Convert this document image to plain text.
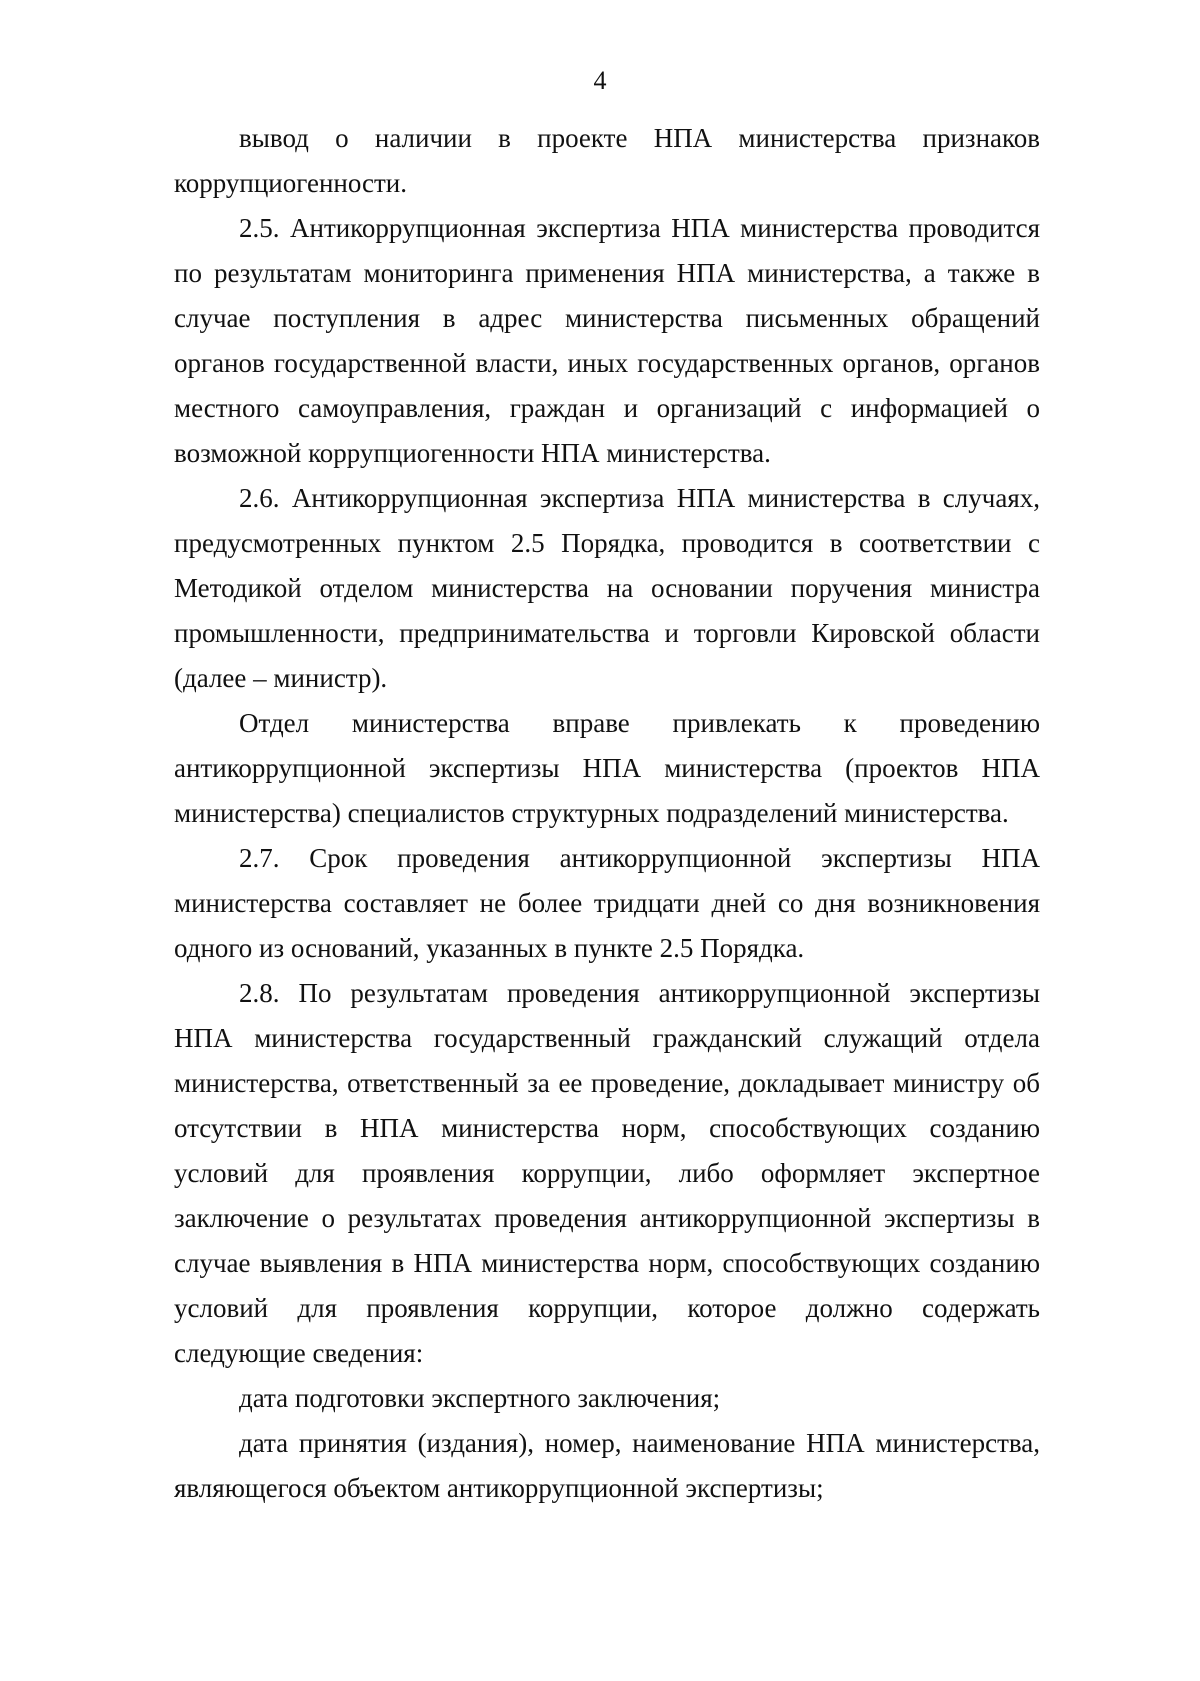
4

вывод о наличии в проекте НПА министерства признаков коррупциогенности.

2.5. Антикоррупционная экспертиза НПА министерства проводится по результатам мониторинга применения НПА министерства, а также в случае поступления в адрес министерства письменных обращений органов государственной власти, иных государственных органов, органов местного самоуправления, граждан и организаций с информацией о возможной коррупциогенности НПА министерства.

2.6. Антикоррупционная экспертиза НПА министерства в случаях, предусмотренных пунктом 2.5 Порядка, проводится в соответствии с Методикой отделом министерства на основании поручения министра промышленности, предпринимательства и торговли Кировской области (далее – министр).

Отдел министерства вправе привлекать к проведению антикоррупционной экспертизы НПА министерства (проектов НПА министерства) специалистов структурных подразделений министерства.

2.7. Срок проведения антикоррупционной экспертизы НПА министерства составляет не более тридцати дней со дня возникновения одного из оснований, указанных в пункте 2.5 Порядка.

2.8. По результатам проведения антикоррупционной экспертизы НПА министерства государственный гражданский служащий отдела министерства, ответственный за ее проведение, докладывает министру об отсутствии в НПА министерства норм, способствующих созданию условий для проявления коррупции, либо оформляет экспертное заключение о результатах проведения антикоррупционной экспертизы в случае выявления в НПА министерства норм, способствующих созданию условий для проявления коррупции, которое должно содержать следующие сведения:

дата подготовки экспертного заключения;

дата принятия (издания), номер, наименование НПА министерства, являющегося объектом антикоррупционной экспертизы;
